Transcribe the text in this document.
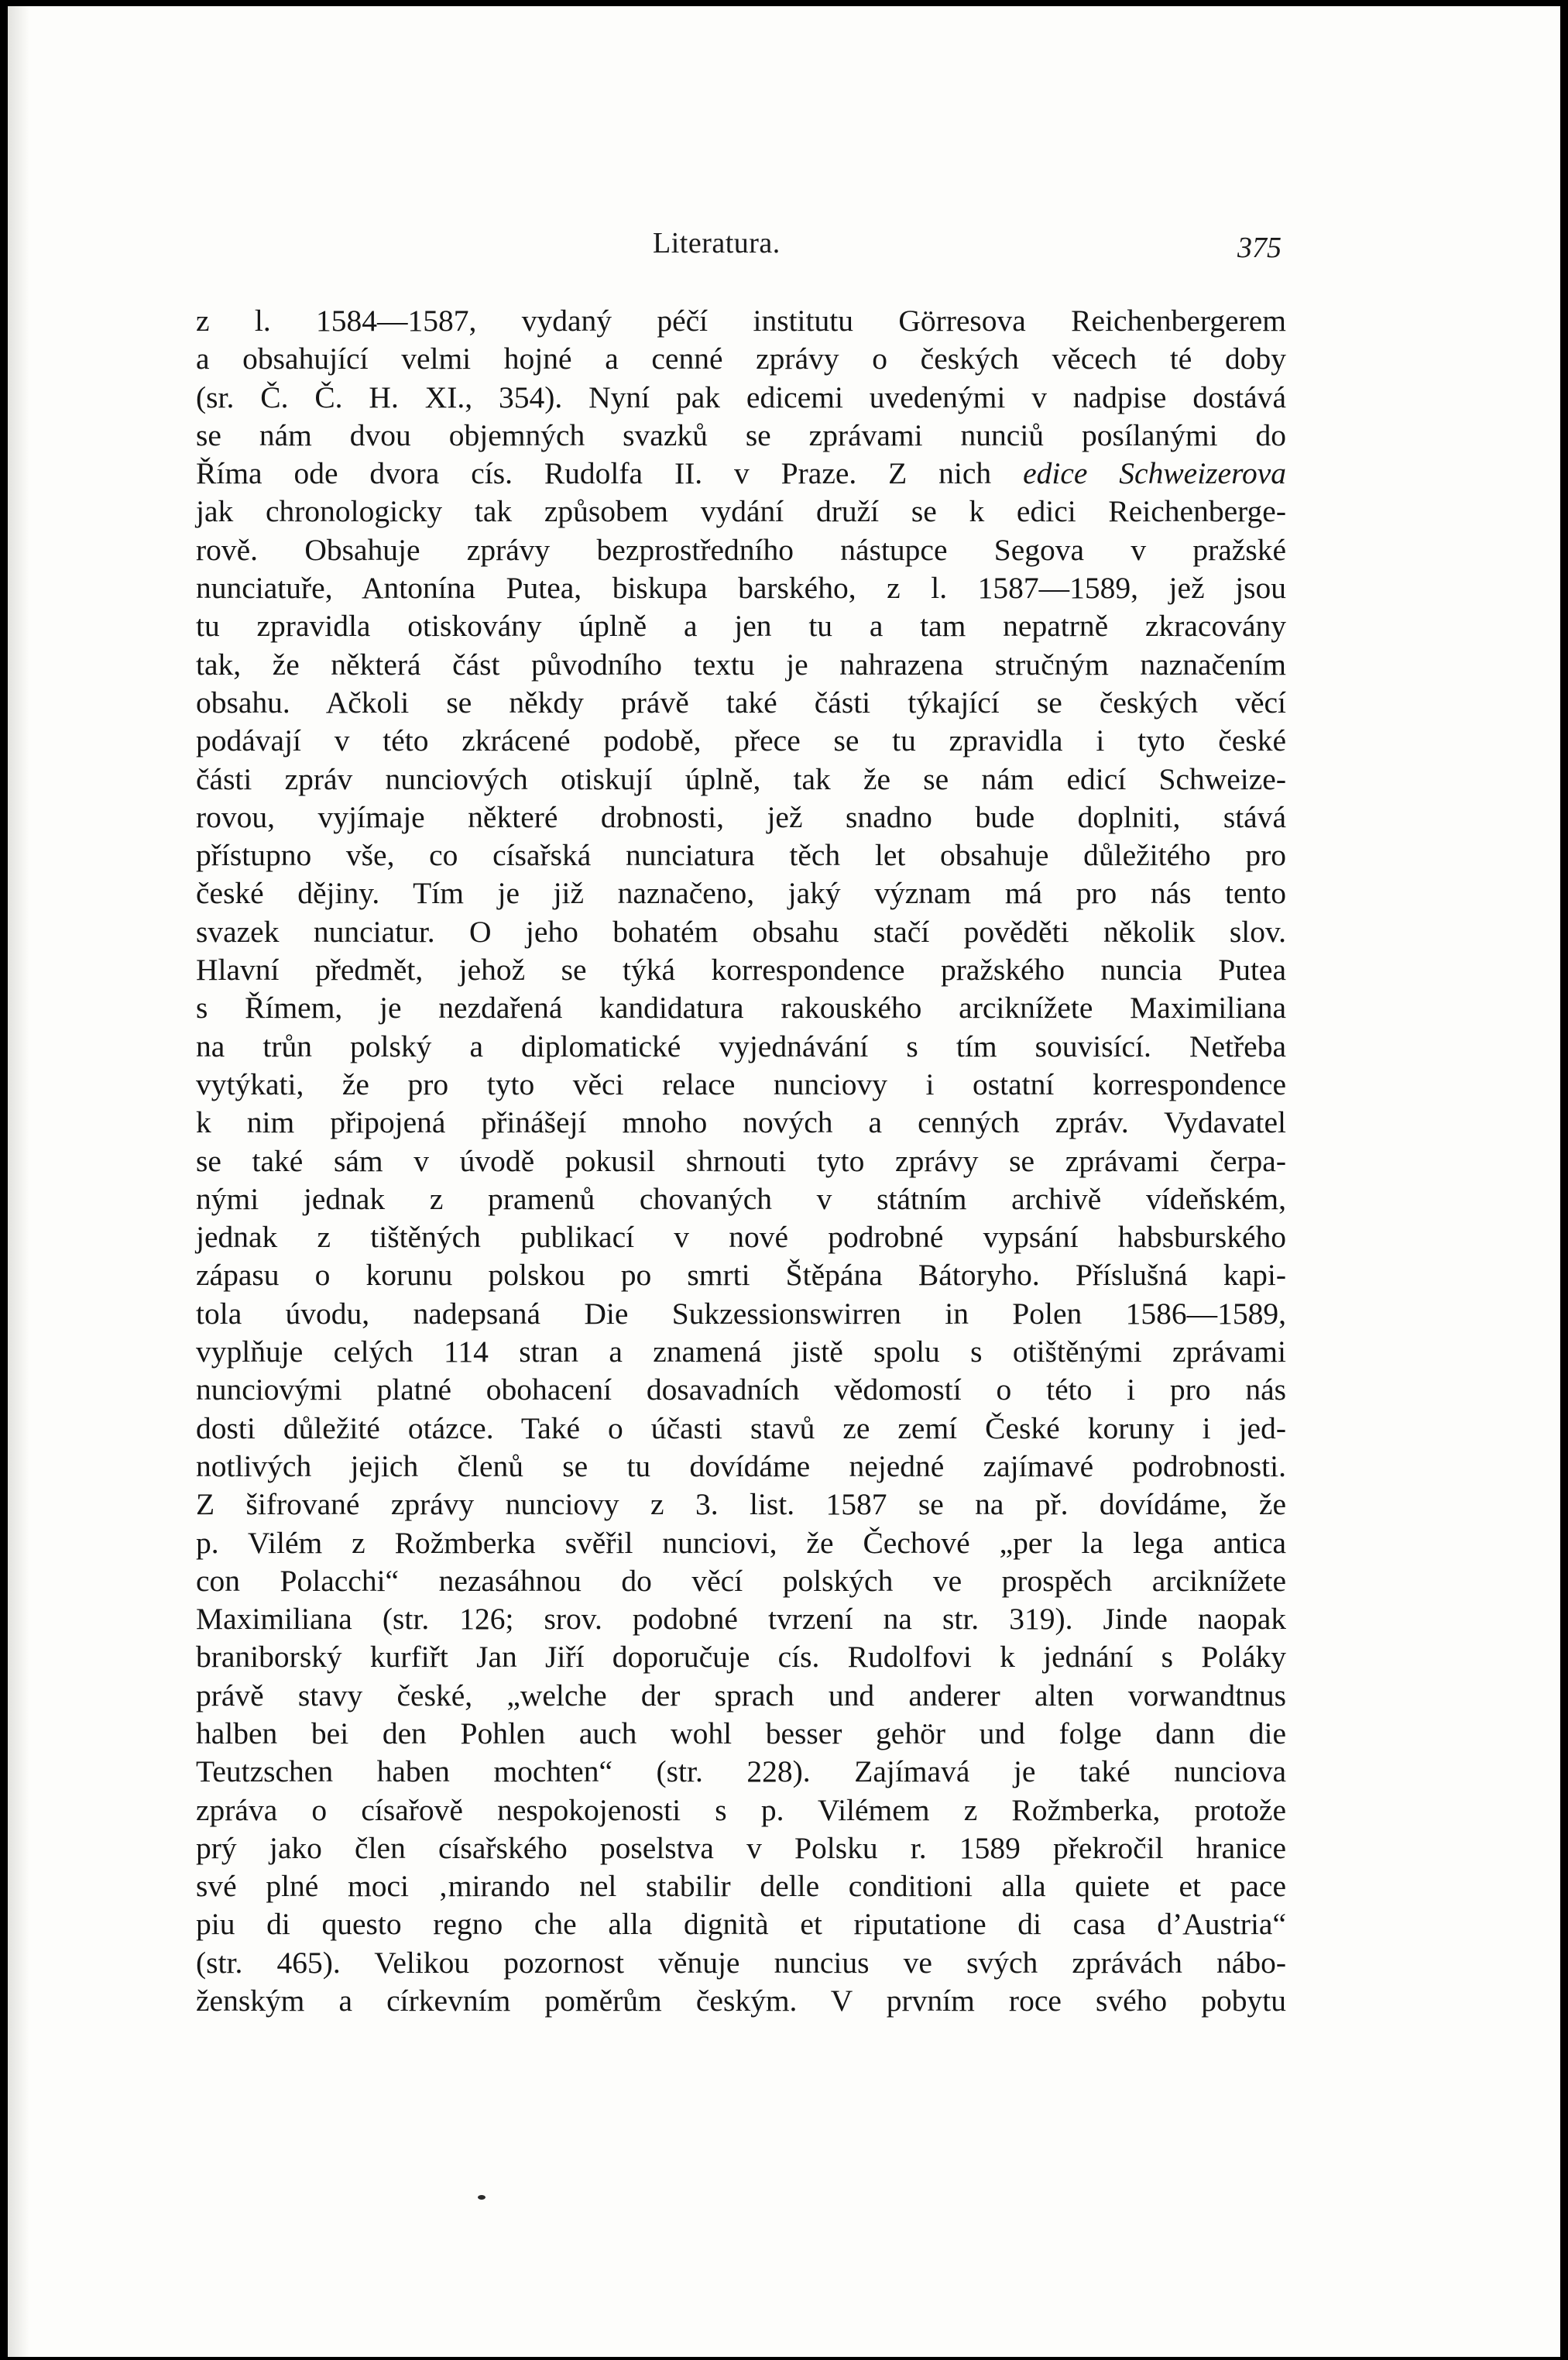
Literatura.	375
z l. 1584—1587, vydaný péčí institutu Görresova Reichenbergerem
a obsahující velmi hojné a cenné zprávy o českých věcech té doby
(sr. Č. Č. H. XI., 354). Nyní pak edicemi uvedenými v nadpise dostává
se nám dvou objemných svazků se zprávami nunciů posílanými do
Říma ode dvora cís. Rudolfa II. v Praze. Z nich edice Schweizerova
jak chronologicky tak způsobem vydání druží se k edici Reichenberge-
rově. Obsahuje zprávy bezprostředního nástupce Segova v pražské
nunciatuře, Antonína Putea, biskupa barského, z l. 1587—1589, jež jsou
tu zpravidla otiskovány úplně a jen tu a tam nepatrně zkracovány
tak, že některá část původního textu je nahrazena stručným naznačením
obsahu. Ačkoli se někdy právě také části týkající se českých věcí
podávají v této zkrácené podobě, přece se tu zpravidla i tyto české
části zpráv nunciových otiskují úplně, tak že se nám edicí Schweize-
rovou, vyjímaje některé drobnosti, jež snadno bude doplniti, stává
přístupno vše, co císařská nunciatura těch let obsahuje důležitého pro
české dějiny. Tím je již naznačeno, jaký význam má pro nás tento
svazek nunciatur. O jeho bohatém obsahu stačí pověděti několik slov.
Hlavní předmět, jehož se týká korrespondence pražského nuncia Putea
s Římem, je nezdařená kandidatura rakouského arciknížete Maximiliana
na trůn polský a diplomatické vyjednávání s tím souvisící. Netřeba
vytýkati, že pro tyto věci relace nunciovy i ostatní korrespondence
k nim připojená přinášejí mnoho nových a cenných zpráv. Vydavatel
se také sám v úvodě pokusil shrnouti tyto zprávy se zprávami čerpa-
nými jednak z pramenů chovaných v státním archivě vídeňském,
jednak z tištěných publikací v nové podrobné vypsání habsburského
zápasu o korunu polskou po smrti Štěpána Bátoryho. Příslušná kapi-
tola úvodu, nadepsaná Die Sukzessionswirren in Polen 1586—1589,
vyplňuje celých 114 stran a znamená jistě spolu s otištěnými zprávami
nunciovými platné obohacení dosavadních vědomostí o této i pro nás
dosti důležité otázce. Také o účasti stavů ze zemí České koruny i jed-
notlivých jejich členů se tu dovídáme nejedné zajímavé podrobnosti.
Z šifrované zprávy nunciovy z 3. list. 1587 se na př. dovídáme, že
p. Vilém z Rožmberka svěřil nunciovi, že Čechové „per la lega antica
con Polacchi“ nezasáhnou do věcí polských ve prospěch arciknížete
Maximiliana (str. 126; srov. podobné tvrzení na str. 319). Jinde naopak
braniborský kurfiřt Jan Jiří doporučuje cís. Rudolfovi k jednání s Poláky
právě stavy české, „welche der sprach und anderer alten vorwandtnus
halben bei den Pohlen auch wohl besser gehör und folge dann die
Teutzschen haben mochten“ (str. 228). Zajímavá je také nunciova
zpráva o císařově nespokojenosti s p. Vilémem z Rožmberka, protože
prý jako člen císařského poselstva v Polsku r. 1589 překročil hranice
své plné moci ‚mirando nel stabilir delle conditioni alla quiete et pace
piu di questo regno che alla dignità et riputatione di casa d’Austria“
(str. 465). Velikou pozornost věnuje nuncius ve svých zprávách nábo-
ženským a církevním poměrům českým. V prvním roce svého pobytu
